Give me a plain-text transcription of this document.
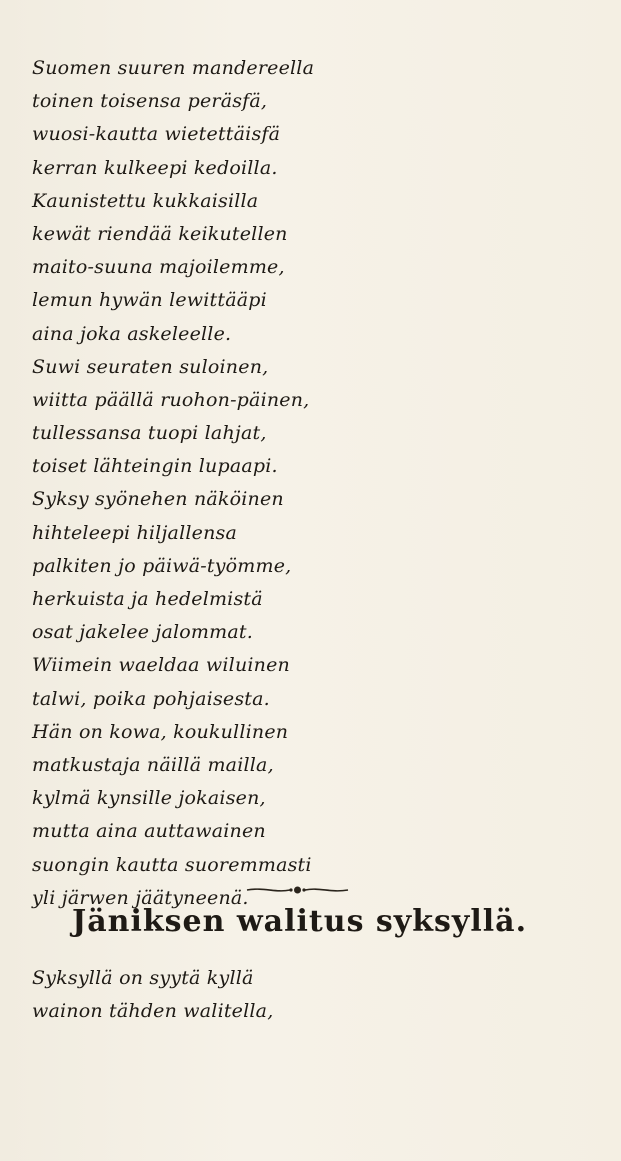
Suomen suuren mandereella
toinen toisensa peräsfä,
wuosi-kautta wietettäisfä
kerran kulkeepi kedoilla.
Kaunistettu kukkaisilla
kewät riendää keikutellen
maito-suuna majoilemme,
lemun hywän lewittääpi
aina joka askeleelle.
Suwi seuraten suloinen,
wiitta päällä ruohon-päinen,
tullessansa tuopi lahjat,
toiset lähteingin lupaapi.
Syksy syönehen näköinen
hihteleepi hiljallensa
palkiten jo päiwä-työmme,
herkuista ja hedelmistä
osat jakelee jalommat.
Wiimein waeldaa wiluinen
talwi, poika pohjaisesta.
Hän on kowa, koukullinen
matkustaja näillä mailla,
kylmä kynsille jokaisen,
mutta aina auttawainen
suongin kautta suoremmasti
yli järwen jäätyneenä.
Jäniksen walitus syksyllä.
Syksyllä on syytä kyllä
wainon tähden walitella,
